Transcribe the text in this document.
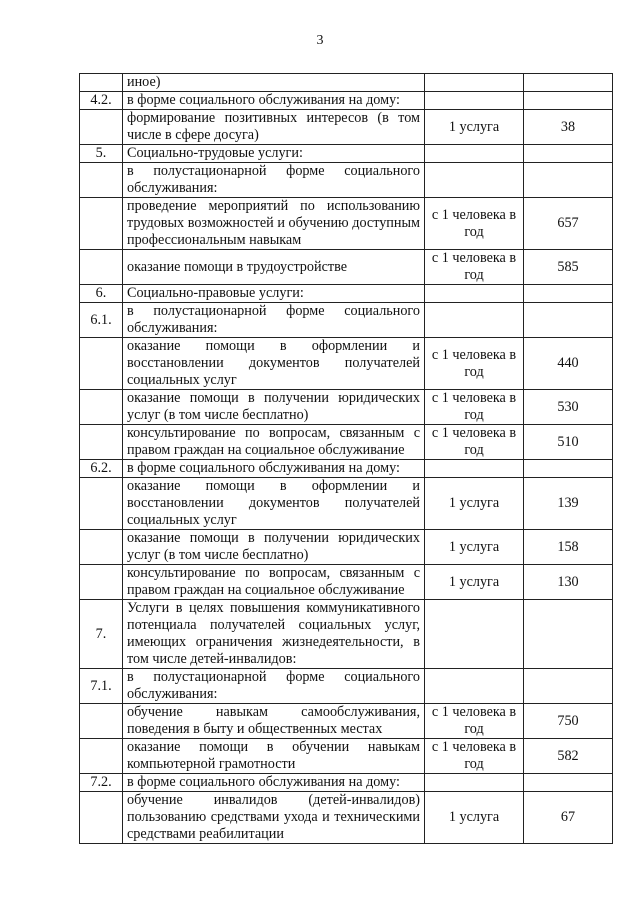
3
	иное)		
4.2.	в форме социального обслуживания на дому:		
	формирование позитивных интересов (в том числе в сфере досуга)	1 услуга	38
5.	Социально-трудовые услуги:		
	в полустационарной форме социального обслуживания:		
	проведение мероприятий по использованию трудовых возможностей и обучению доступным профессиональным навыкам	с 1 человека в год	657
	оказание помощи в трудоустройстве	с 1 человека в год	585
6.	Социально-правовые услуги:		
6.1.	в полустационарной форме социального обслуживания:		
	оказание помощи в оформлении и восстановлении документов получателей социальных услуг	с 1 человека в год	440
	оказание помощи в получении юридических услуг (в том числе бесплатно)	с 1 человека в год	530
	консультирование по вопросам, связанным с правом граждан на социальное обслуживание	с 1 человека в год	510
6.2.	в форме социального обслуживания на дому:		
	оказание помощи в оформлении и восстановлении документов получателей социальных услуг	1 услуга	139
	оказание помощи в получении юридических услуг (в том числе бесплатно)	1 услуга	158
	консультирование по вопросам, связанным с правом граждан на социальное обслуживание	1 услуга	130
7.	Услуги в целях повышения коммуникативного потенциала получателей социальных услуг, имеющих ограничения жизнедеятельности, в том числе детей-инвалидов:		
7.1.	в полустационарной форме социального обслуживания:		
	обучение навыкам самообслуживания, поведения в быту и общественных местах	с 1 человека в год	750
	оказание помощи в обучении навыкам компьютерной грамотности	с 1 человека в год	582
7.2.	в форме социального обслуживания на дому:		
	обучение инвалидов (детей-инвалидов) пользованию средствами ухода и техническими средствами реабилитации	1 услуга	67
